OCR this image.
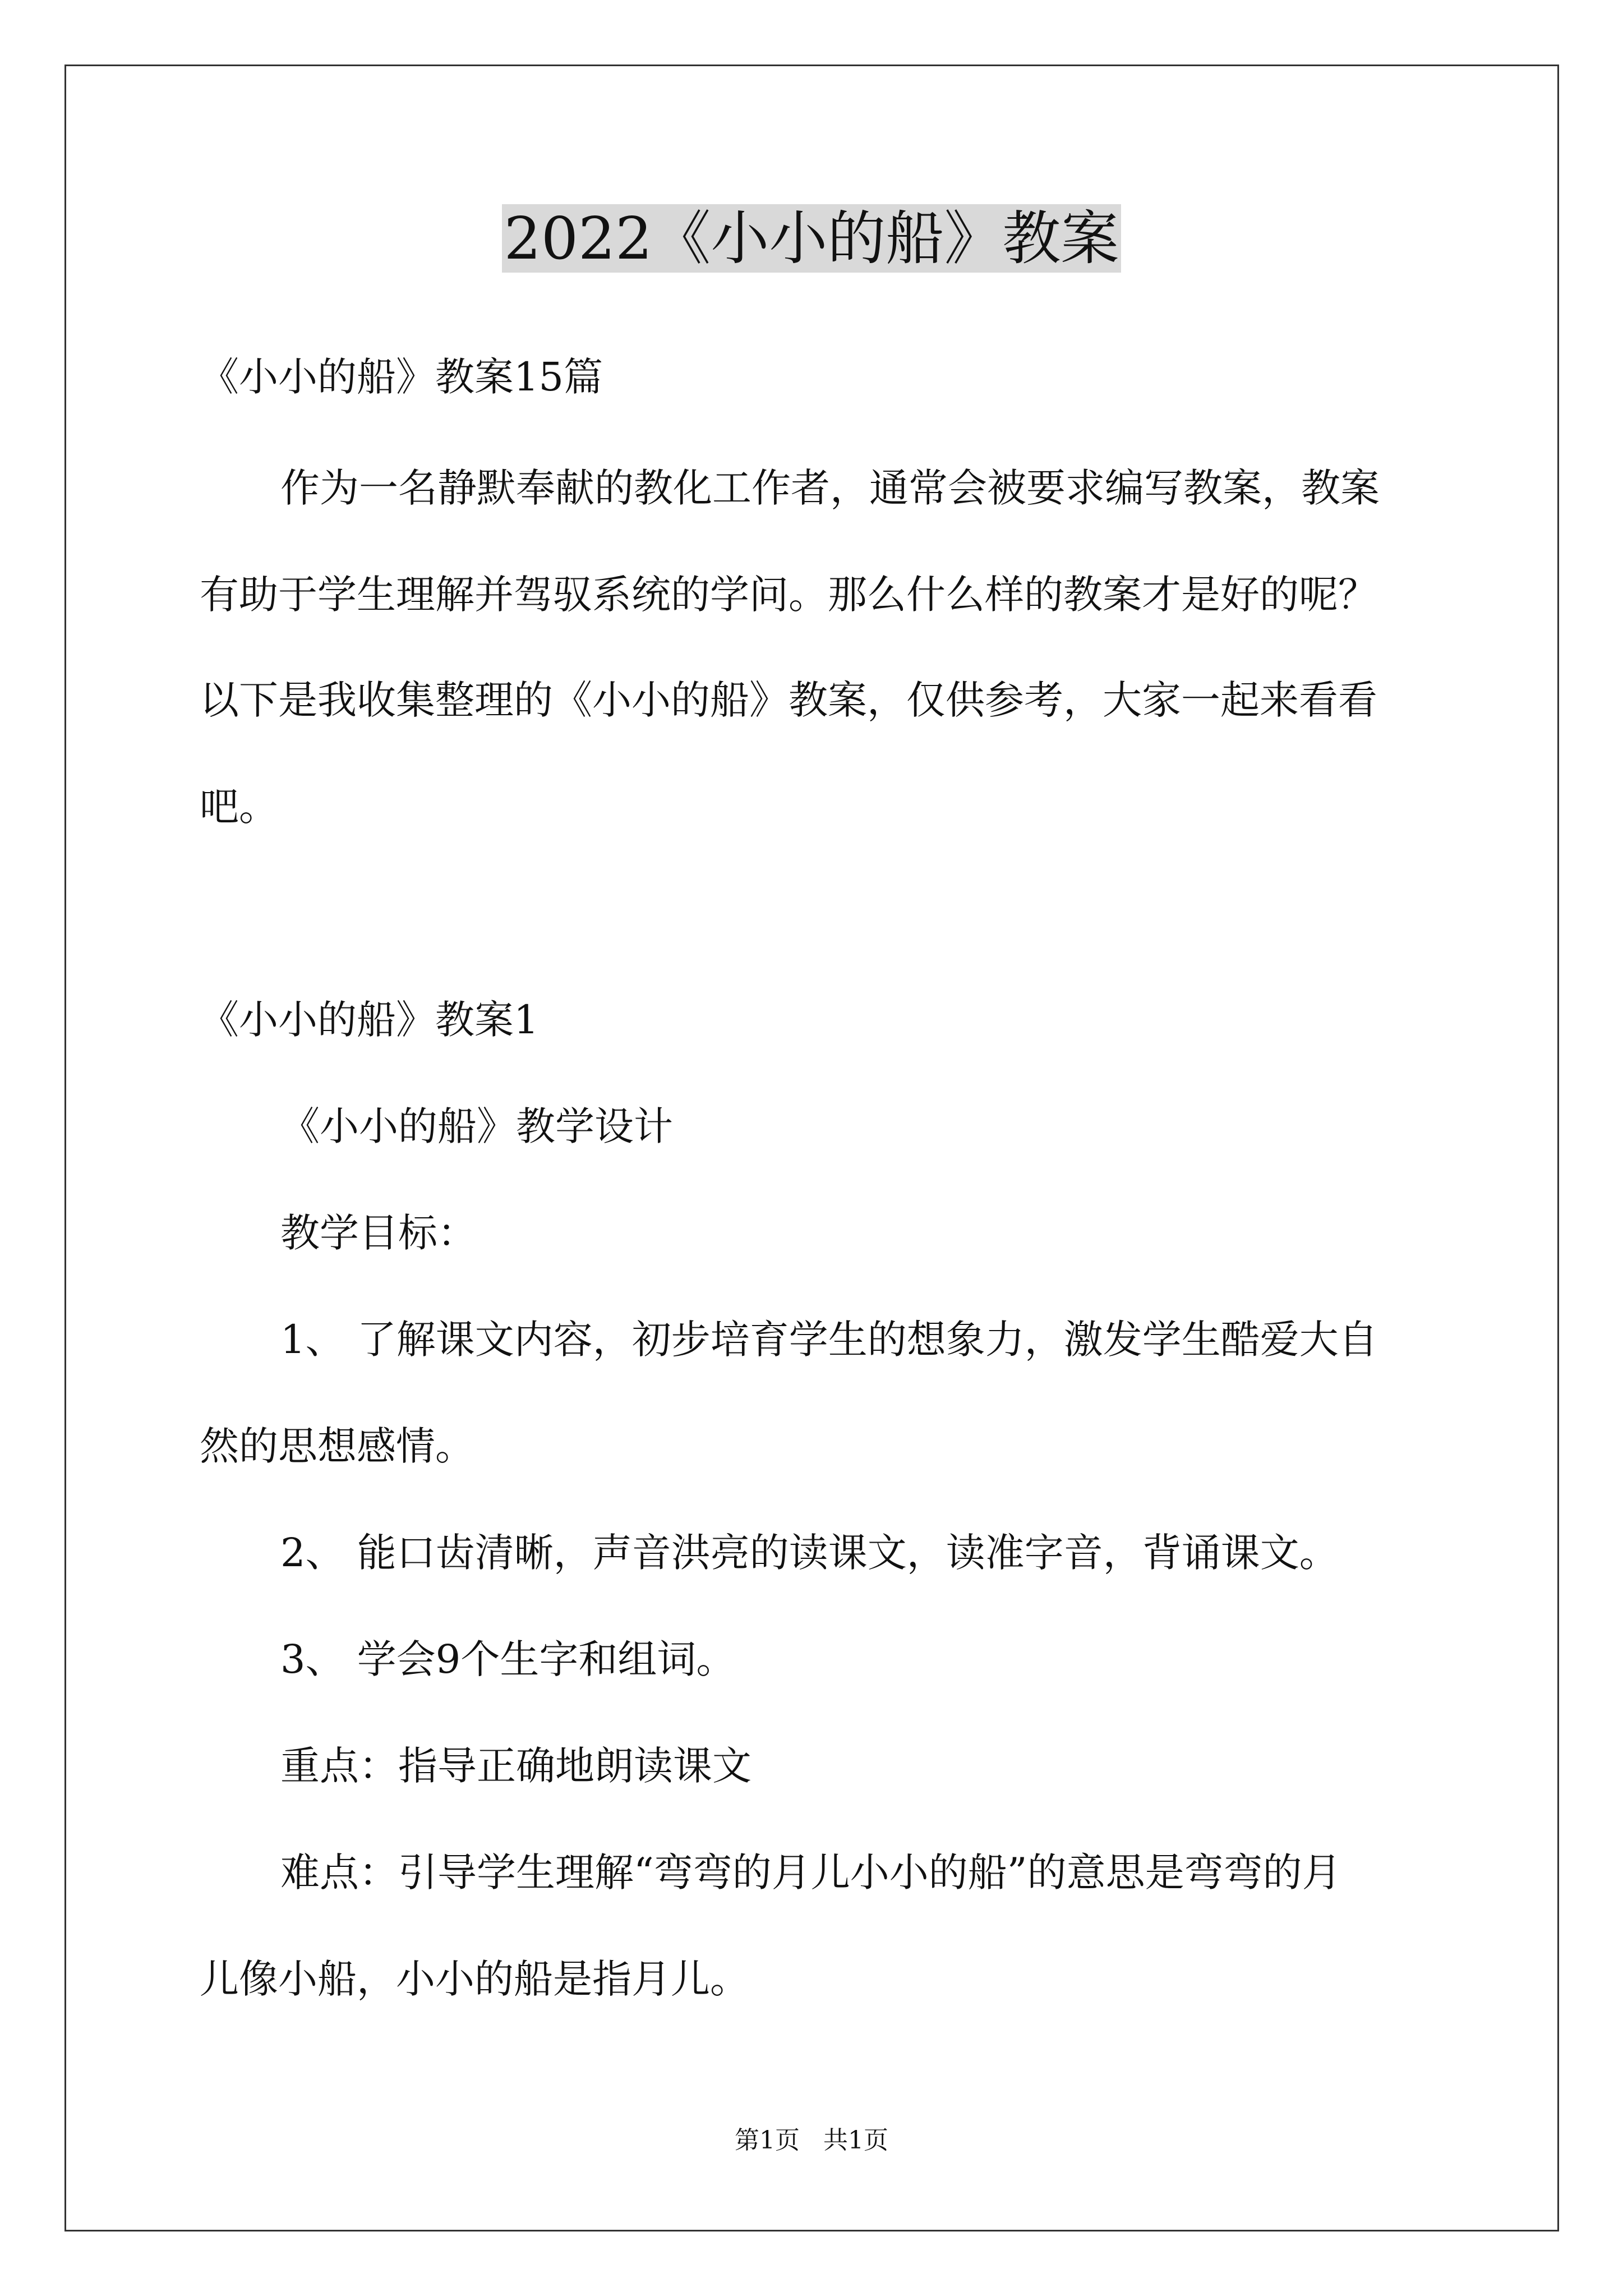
2022《小小的船》教案

《小小的船》教案15篇

作为一名静默奉献的教化工作者，通常会被要求编写教案，教案

有助于学生理解并驾驭系统的学问。那么什么样的教案才是好的呢？

以下是我收集整理的《小小的船》教案，仅供参考，大家一起来看看

吧。

《小小的船》教案1

《小小的船》教学设计

教学目标：

1、 了解课文内容，初步培育学生的想象力，激发学生酷爱大自

然的思想感情。

2、 能口齿清晰，声音洪亮的读课文，读准字音，背诵课文。

3、 学会9个生字和组词。

重点：指导正确地朗读课文

难点：引导学生理解“弯弯的月儿小小的船”的意思是弯弯的月

儿像小船，小小的船是指月儿。

第1页   共1页
